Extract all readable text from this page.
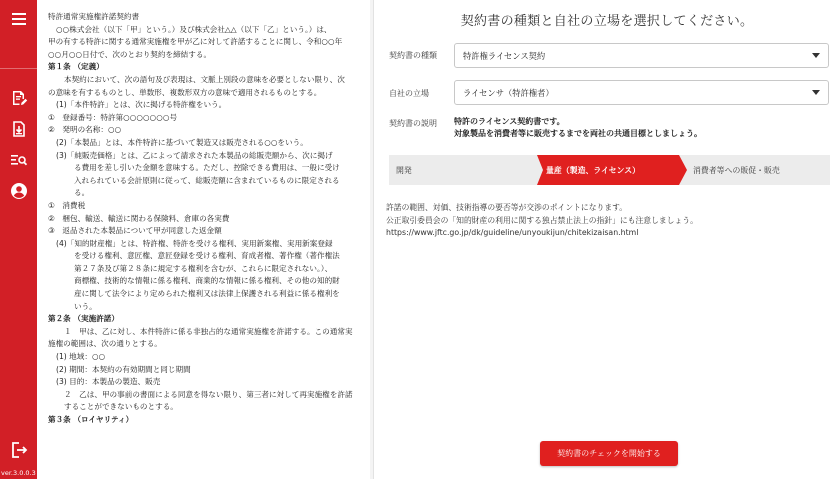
ver.3.0.0.3
特許通常実施権許諾契約書
○○株式会社（以下「甲」という。）及び株式会社△△（以下「乙」という。）は、
甲の有する特許に関する通常実施権を甲が乙に対して許諾することに関し、令和○○年
○○月○○日付で、次のとおり契約を締結する。
第１条 （定義）
本契約において、次の語句及び表現は、文脈上別段の意味を必要としない限り、次
の意味を有するものとし、単数形、複数形双方の意味で適用されるものとする。
(1)「本件特許」とは、次に掲げる特許権をいう。
①　登録番号：特許第○○○○○○○号
②　発明の名称：○○
(2)「本製品」とは、本件特許に基づいて製造又は販売される○○をいう。
(3)「純販売価格」とは、乙によって請求された本製品の総販売額から、次に掲げ
る費用を差し引いた金額を意味する。ただし、控除できる費用は、一般に受け
入れられている会計原則に従って、総販売額に含まれているものに限定される
る。
①　消費税
②　梱包、輸送、輸送に関わる保険料、倉庫の各実費
③　返品された本製品について甲が同意した返金額
(4)「知的財産権」とは、特許権、特許を受ける権利、実用新案権、実用新案登録
を受ける権利、意匠権、意匠登録を受ける権利、育成者権、著作権（著作権法
第２７条及び第２８条に規定する権利を含むが、これらに限定されない。）、
商標権、技術的な情報に係る権利、商業的な情報に係る権利、その他の知的財
産に関して法令により定められた権利又は法律上保護される利益に係る権利を
いう。
第２条 （実施許諾）
１　甲は、乙に対し、本件特許に係る非独占的な通常実施権を許諾する。この通常実
施権の範囲は、次の通りとする。
(1) 地域：○○
(2) 期間：本契約の有効期間と同じ期間
(3) 目的：本製品の製造、販売
２　乙は、甲の事前の書面による同意を得ない限り、第三者に対して再実施権を許諾
することができないものとする。
第３条 （ロイヤリティ）
契約書の種類と自社の立場を選択してください。
契約書の種類	特許権ライセンス契約
自社の立場	ライセンサ（特許権者）
契約書の説明 特許のライセンス契約書です。
対象製品を消費者等に販売するまでを両社の共通目標としましょう。
開発	量産（製造、ライセンス）	消費者等への販促・販売
許諾の範囲、対価、技術指導の要否等が交渉のポイントになります。
公正取引委員会の「知的財産の利用に関する独占禁止法上の指針」にも注意しましょう。
https://www.jftc.go.jp/dk/guideline/unyoukijun/chitekizaisan.html
契約書のチェックを開始する
